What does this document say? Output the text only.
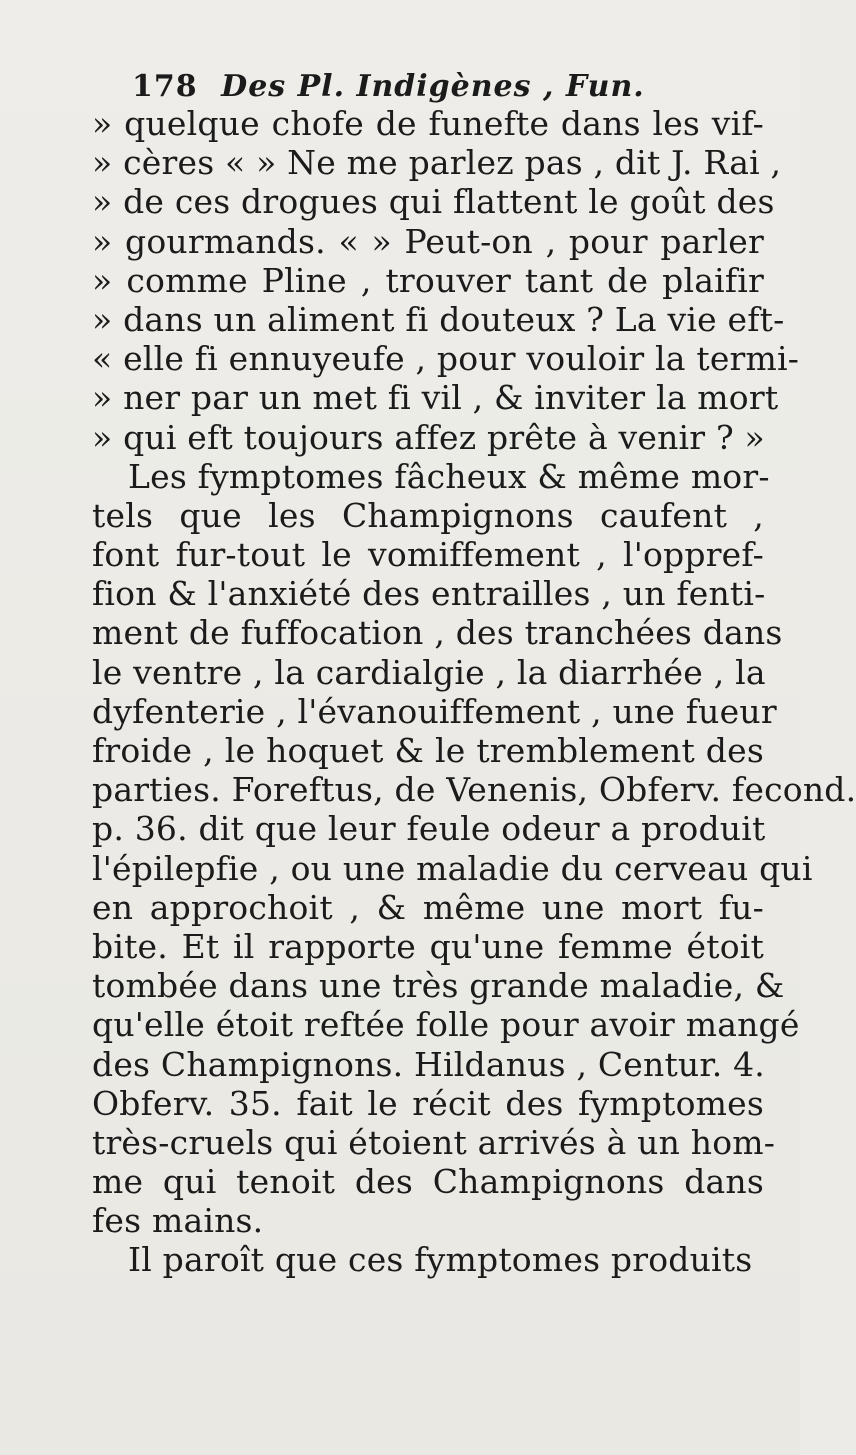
178 Des Pl. Indigènes , Fun.
» quelque chofe de funefte dans les vif-
» cères « » Ne me parlez pas , dit J. Rai ,
» de ces drogues qui flattent le goût des
» gourmands. « » Peut-on , pour parler
» comme Pline , trouver tant de plaifir
» dans un aliment fi douteux ? La vie eft-
« elle fi ennuyeufe , pour vouloir la termi-
» ner par un met fi vil , & inviter la mort
» qui eft toujours affez prête à venir ? »
Les fymptomes fâcheux & même mor-
tels que les Champignons caufent ,
font fur-tout le vomiffement , l'oppref-
fion & l'anxiété des entrailles , un fenti-
ment de fuffocation , des tranchées dans
le ventre , la cardialgie , la diarrhée , la
dyfenterie , l'évanouiffement , une fueur
froide , le hoquet & le tremblement des
parties. Foreftus, de Venenis, Obferv. fecond.
p. 36. dit que leur feule odeur a produit
l'épilepfie , ou une maladie du cerveau qui
en approchoit , & même une mort fu-
bite. Et il rapporte qu'une femme étoit
tombée dans une très grande maladie, &
qu'elle étoit reftée folle pour avoir mangé
des Champignons. Hildanus , Centur. 4.
Obferv. 35. fait le récit des fymptomes
très-cruels qui étoient arrivés à un hom-
me qui tenoit des Champignons dans
fes mains.
Il paroît que ces fymptomes produits
